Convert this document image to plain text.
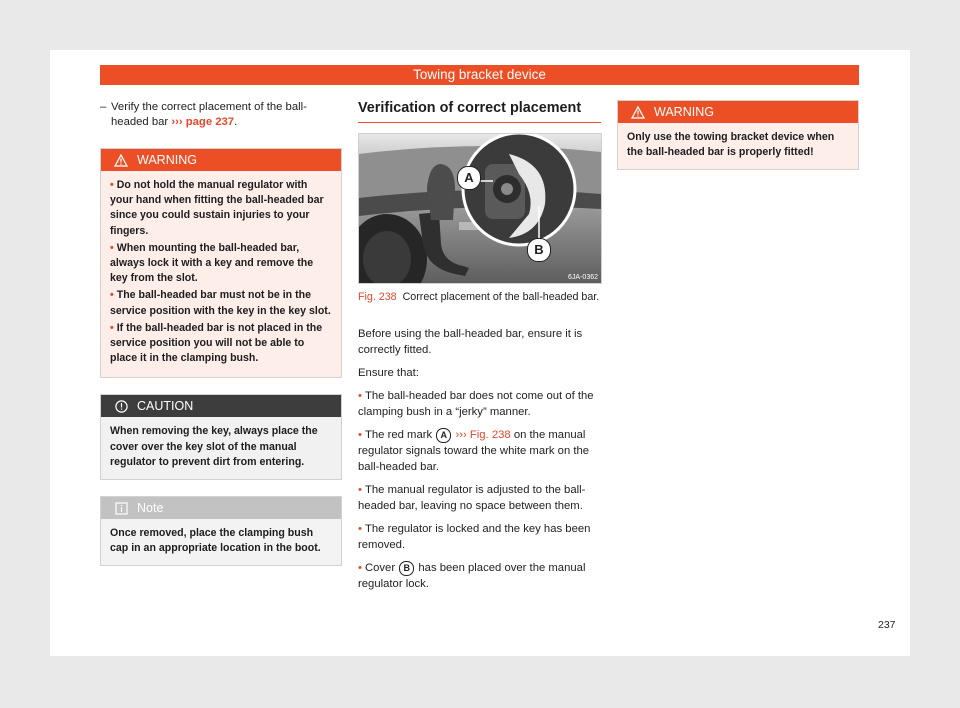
Towing bracket device
– Verify the correct placement of the ball-headed bar ››› page 237.
WARNING

• Do not hold the manual regulator with your hand when fitting the ball-headed bar since you could sustain injuries to your fingers.

• When mounting the ball-headed bar, always lock it with a key and remove the key from the slot.

• The ball-headed bar must not be in the service position with the key in the key slot.

• If the ball-headed bar is not placed in the service position you will not be able to place it in the clamping bush.

CAUTION
When removing the key, always place the cover over the key slot of the manual regulator to prevent dirt from entering.
Note
Once removed, place the clamping bush cap in an appropriate location in the boot.
Verification of correct placement
A
B
6JA-0362
Fig. 238 Correct placement of the ball-headed bar.

Before using the ball-headed bar, ensure it is correctly fitted.

Ensure that:

• The ball-headed bar does not come out of the clamping bush in a “jerky” manner.

• The red mark A ››› Fig. 238 on the manual regulator signals toward the white mark on the ball-headed bar.

• The manual regulator is adjusted to the ball-headed bar, leaving no space between them.

• The regulator is locked and the key has been removed.

• Cover B has been placed over the manual regulator lock.

WARNING
Only use the towing bracket device when the ball-headed bar is properly fitted!
237
